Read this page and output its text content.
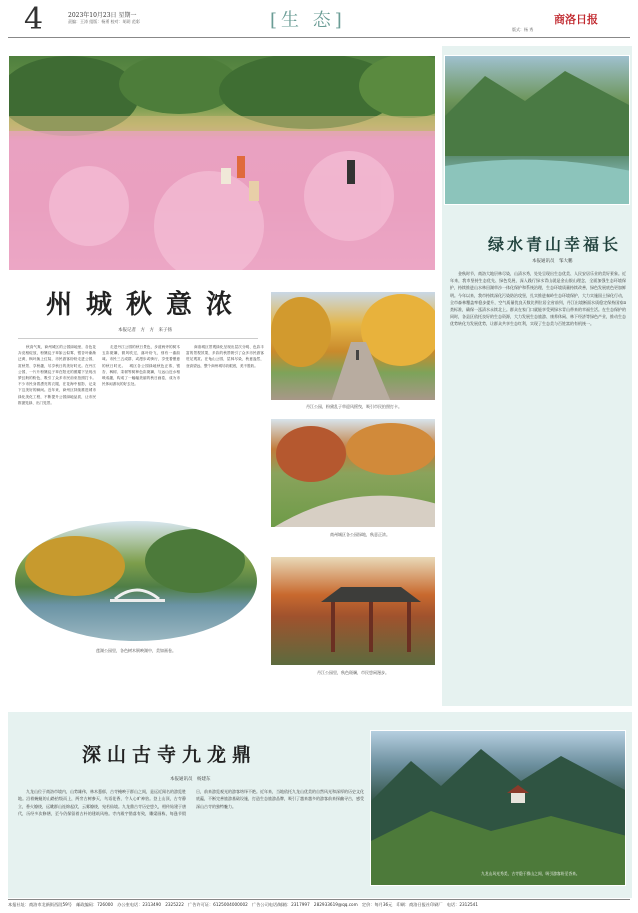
4	2023年10月23日 星期一
责编：王涛 组版：杨勇 校对：胡玥 范彩	[生 态]	商洛日报
版式：杨 秀
州城秋意浓
本报记者　方　方　来子扬
秋高气爽，商州城区的公园绿地里，各色花卉竞相绽放，粉黛乱子草如云似雾，银杏叶渐渐泛黄，枫叶换上红装，市民游客纷纷走进公园，赏秋景、享秋趣，尽享秋日的美好时光。在丹江公园，一片片粉黛乱子草在阳光的照耀下呈现出梦幻般的粉色，吸引了众多市民前来拍照打卡。不少市民身着漂亮的衣服，在花海中留影，记录下这美好的瞬间。近年来，商州区持续推进城市绿化美化工程，不断提升公园绿地品质，让市民推窗见绿、出门见景。
走进丹江公园的秋日景色，步道两旁的树木五彩斑斓，微风吹过，落叶纷飞，别有一番韵味。市民三五成群，或漫步或骑行，享受着惬意的秋日时光。　城区各公园绿地秋色正浓，银杏、枫树、栾树等树种色彩斑斓，与远山近水相映成趣，构成了一幅幅美丽的秋日画卷，成为市民休闲游玩的好去处。
商洛城区景观绿化呈现出层次分明、色彩丰富的景观效果，多彩的秋景吸引了众多市民游客驻足观赏。在龟山公园，层林尽染，秋意盎然，登高望远，整个商州城尽收眼底，美不胜收。
丹江公园，粉黛乱子草迎风摇曳，吸引市民拍照打卡。
商州城区各公园绿地，秋意正浓。
莲湖公园里，各色树木倒映湖中，美如画卷。
丹江公园里，秋色斑斓，市民悠闲漫步。
绿水青山幸福长
本报通讯员　邹大鹏
金秋时节，商洛大地层林尽染，山清水秀，处处呈现出生态优美、人民安居乐业的美好景象。近年来，我市坚持生态优先、绿色发展，深入践行绿水青山就是金山银山理念，全面加强生态环境保护，持续推进山水林田湖草沙一体化保护和系统治理，生态环境质量持续改善，绿色发展底色更加鲜明。今年以来，我市持续深化污染防治攻坚，扎实推进秦岭生态环境保护，大力实施国土绿化行动，全市森林覆盖率稳步提升，空气质量优良天数比例位居全省前列，丹江出境断面水质稳定保持国家Ⅱ类标准，确保一泓清水永续北上。群众在家门口就能享受到绿水青山带来的幸福生活。在生态保护的同时，各县区依托良好的生态资源，大力发展生态旅游、康养休闲、林下经济等绿色产业，推动生态优势转化为发展优势，让群众共享生态红利，实现了生态美与百姓富的有机统一。
深山古寺九龙鼎
本报通讯员　杨建东
九龙山位于商洛市境内，山势雄伟，林木葱郁，古寺掩映于群山之间，是远近闻名的游览胜地。沿着蜿蜒的山路拾级而上，两旁古树参天，鸟语花香，令人心旷神怡。登上山顶，古寺静立，香火缭绕，远眺群山连绵起伏，云雾缭绕，宛若仙境。九龙鼎古寺历史悠久，相传始建于唐代，历经多次修缮，至今仍保留着古朴的建筑风格。寺内殿宇错落有致，雕梁画栋，每逢节假日，前来游览观光的游客络绎不绝。近年来，当地依托九龙山优美的自然风光和深厚的历史文化底蕴，不断完善旅游基础设施，打造生态旅游品牌，吸引了越来越多的游客前来探幽寻古，感受深山古寺的独特魅力。
九龙山风光秀美，古寺隐于群山之间，吸引游客纷至沓来。
本报社址：商洛市北新街西段59号　邮政编码：726000　办公室电话：2313490　2325222　广告许可证：6125004000002　广告公司电话/邮箱：2317997　282933619@qq.com　定价：每月36元　印刷：商洛日报社印刷厂　电话：2312541
